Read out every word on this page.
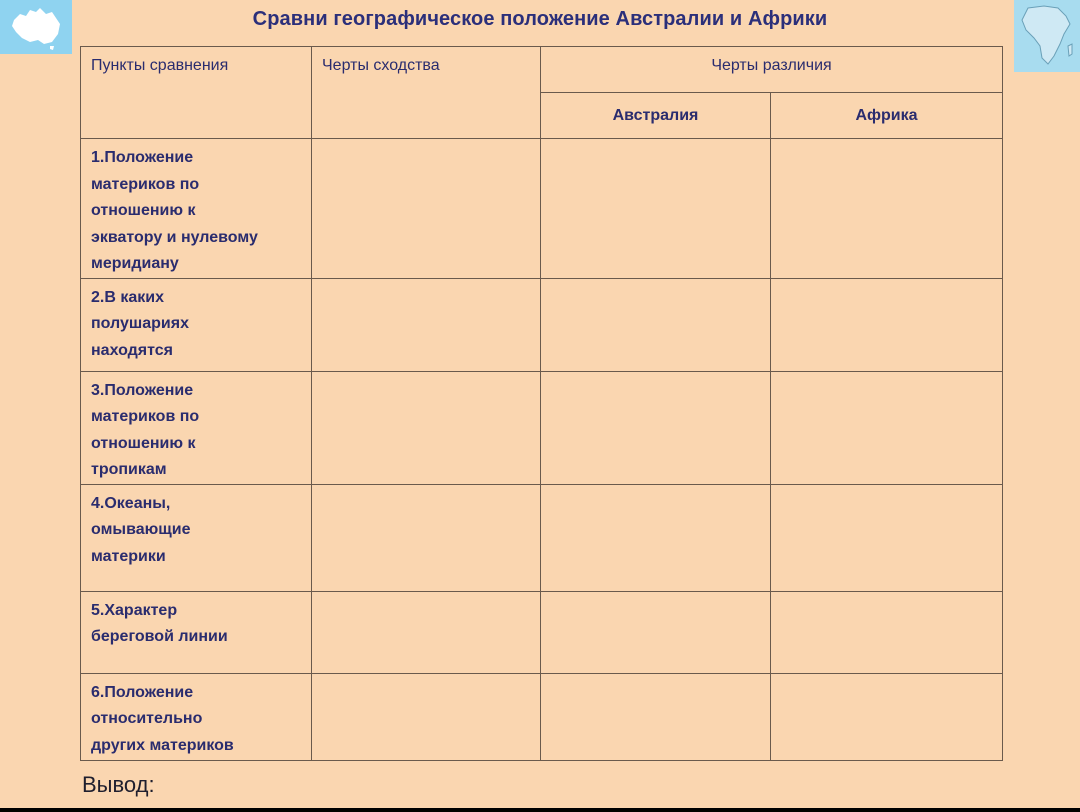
Сравни географическое положение Австралии и Африки
Пункты сравнения	Черты сходства	Черты различия	
		Австралия	Африка
1.Положение
материков по
отношению к
экватору и нулевому
меридиану			
2.В каких
полушариях
находятся			
3.Положение
материков по
отношению к
тропикам			
4.Океаны,
омывающие
материки			
5.Характер
береговой линии			
6.Положение
относительно
других материков			
Вывод:
